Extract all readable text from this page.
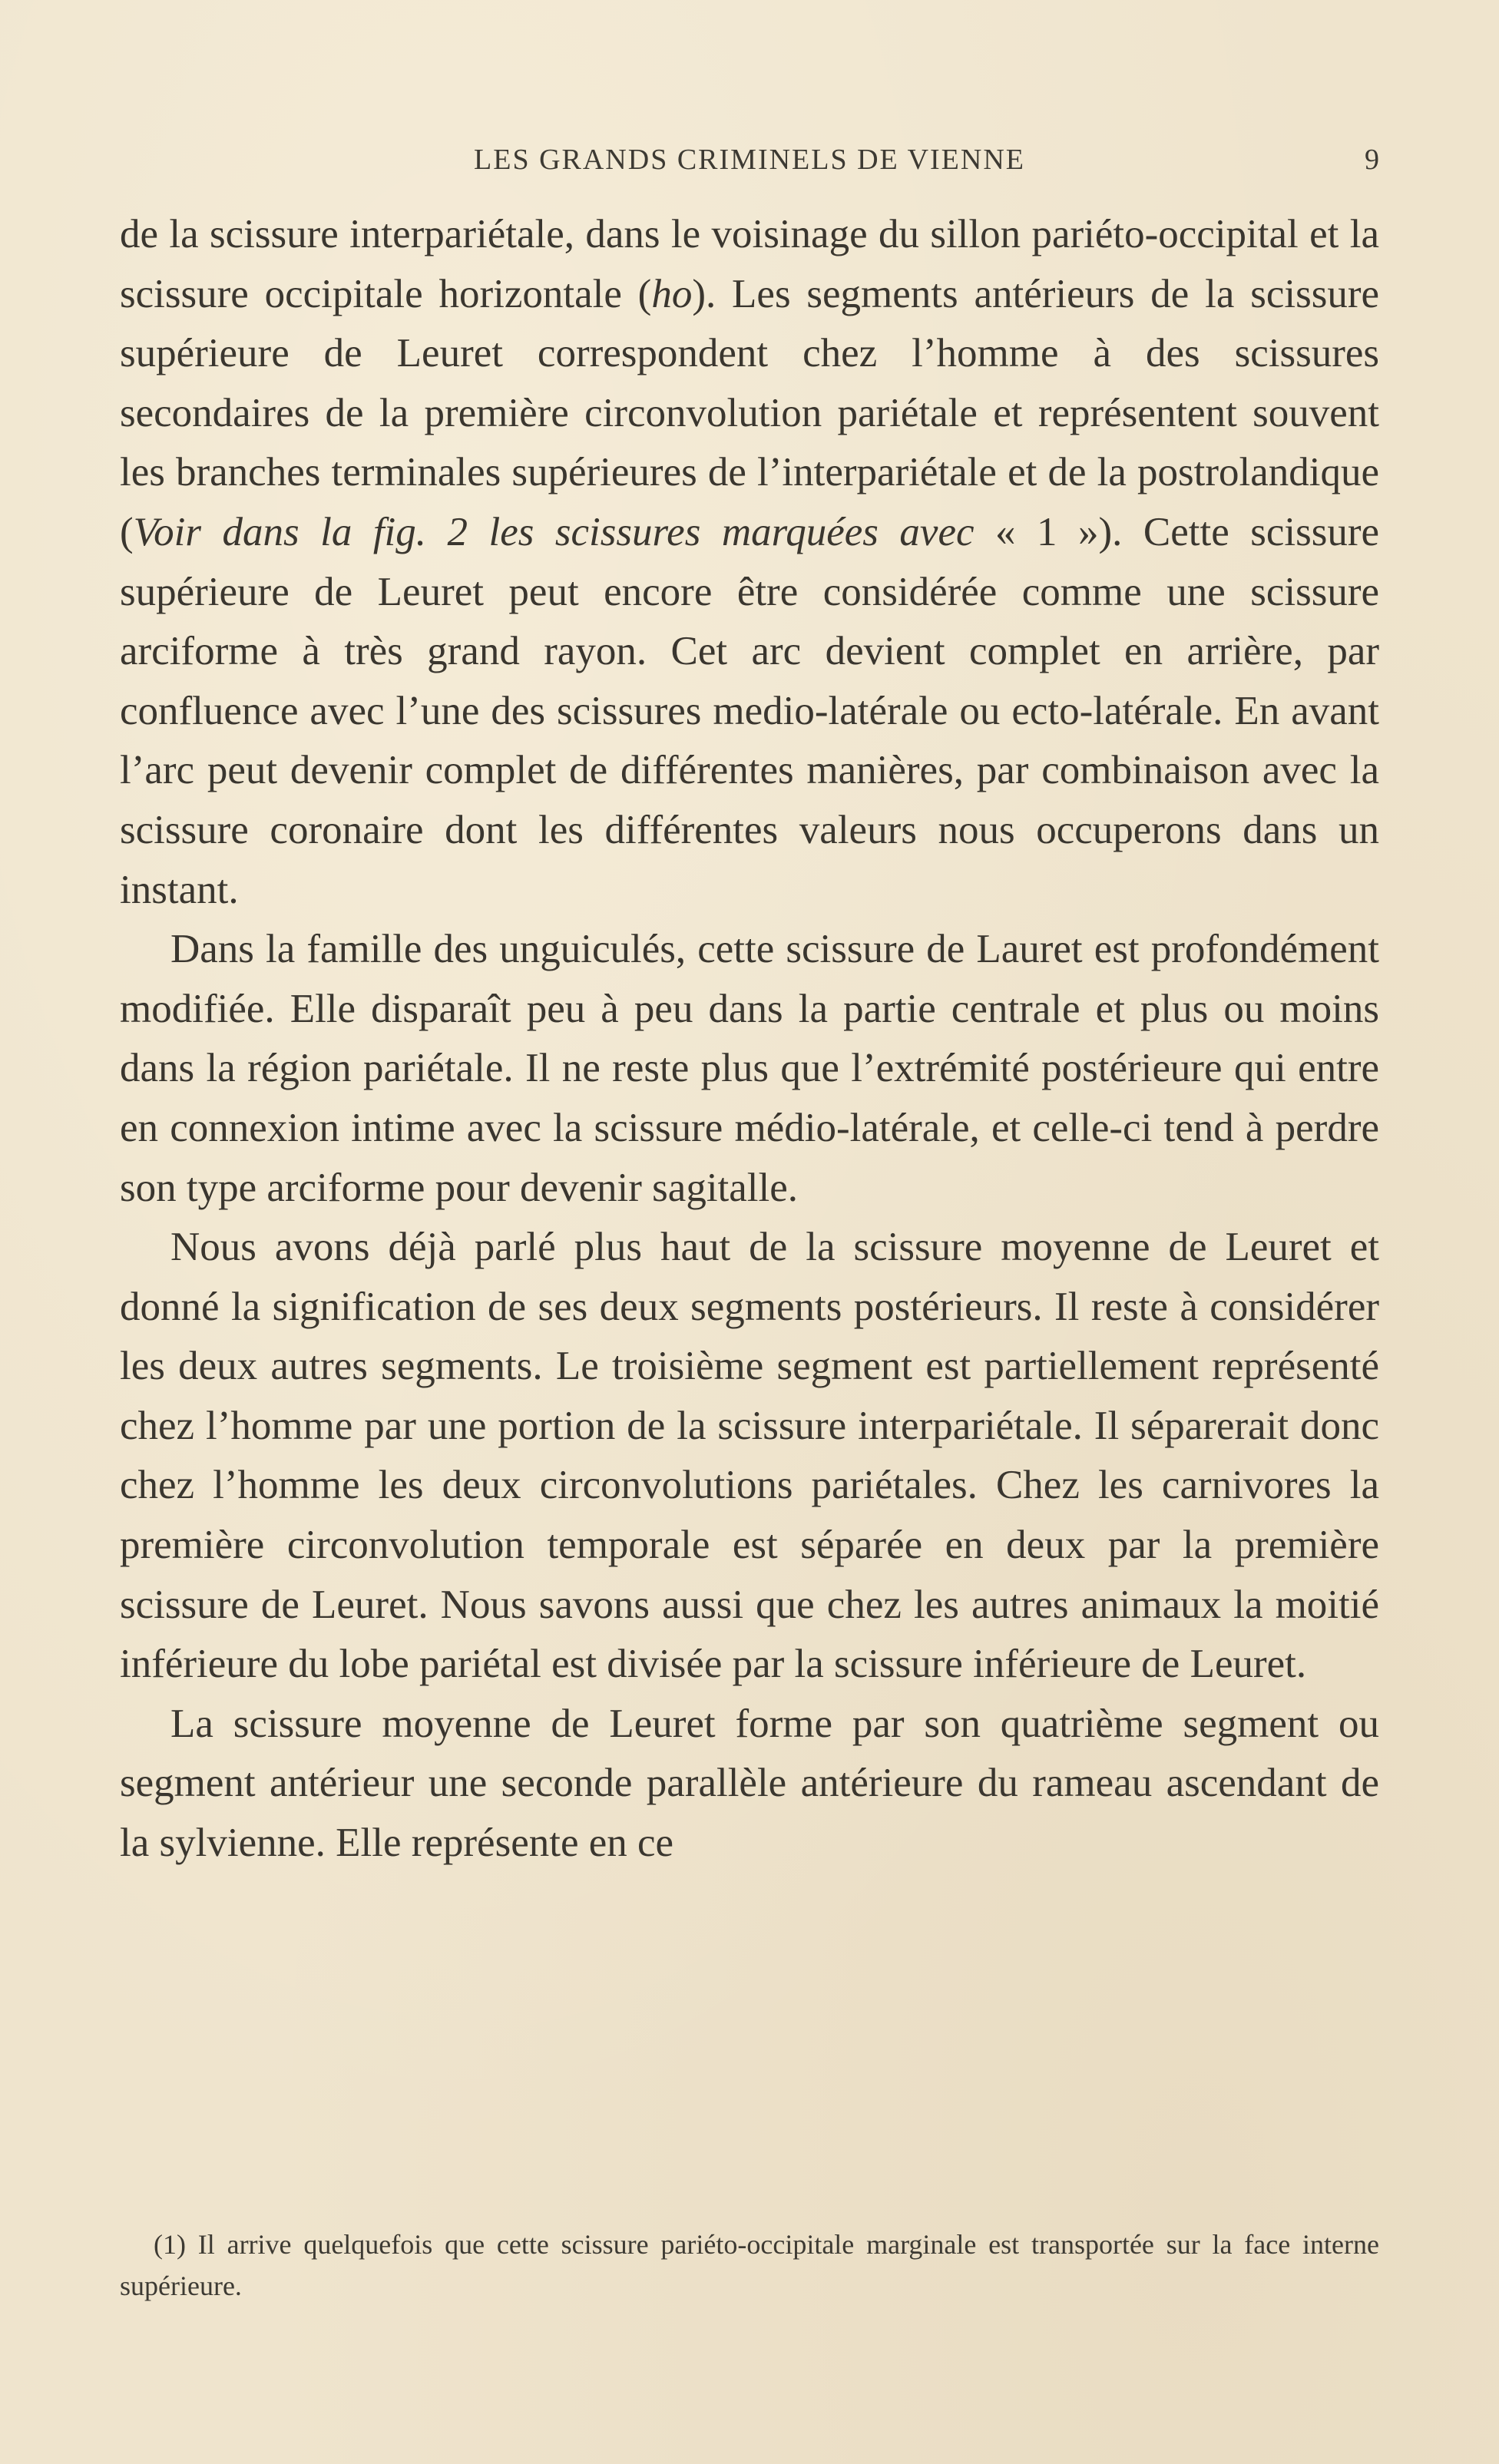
LES GRANDS CRIMINELS DE VIENNE	9

de la scissure interpariétale, dans le voisinage du sillon pariéto-occipital et la scissure occipitale horizontale (ho). Les segments antérieurs de la scissure supérieure de Leuret correspondent chez l’homme à des scissures secondaires de la première circonvolution pariétale et représentent souvent les branches terminales supérieures de l’interpariétale et de la postrolandique (Voir dans la fig. 2 les scissures marquées avec « 1 »). Cette scissure supérieure de Leuret peut encore être considérée comme une scissure arciforme à très grand rayon. Cet arc devient complet en arrière, par confluence avec l’une des scissures medio-latérale ou ecto-latérale. En avant l’arc peut devenir complet de différentes manières, par combinaison avec la scissure coronaire dont les différentes valeurs nous occuperons dans un instant.

Dans la famille des unguiculés, cette scissure de Lauret est profondément modifiée. Elle disparaît peu à peu dans la partie centrale et plus ou moins dans la région pariétale. Il ne reste plus que l’extrémité postérieure qui entre en connexion intime avec la scissure médio-latérale, et celle-ci tend à perdre son type arciforme pour devenir sagitalle.

Nous avons déjà parlé plus haut de la scissure moyenne de Leuret et donné la signification de ses deux segments postérieurs. Il reste à considérer les deux autres segments. Le troisième segment est partiellement représenté chez l’homme par une portion de la scissure interpariétale. Il séparerait donc chez l’homme les deux circonvolutions pariétales. Chez les carnivores la première circonvolution temporale est séparée en deux par la première scissure de Leuret. Nous savons aussi que chez les autres animaux la moitié inférieure du lobe pariétal est divisée par la scissure inférieure de Leuret.

La scissure moyenne de Leuret forme par son quatrième segment ou segment antérieur une seconde parallèle antérieure du rameau ascendant de la sylvienne. Elle représente en ce

(1) Il arrive quelquefois que cette scissure pariéto-occipitale marginale est transportée sur la face interne supérieure.
